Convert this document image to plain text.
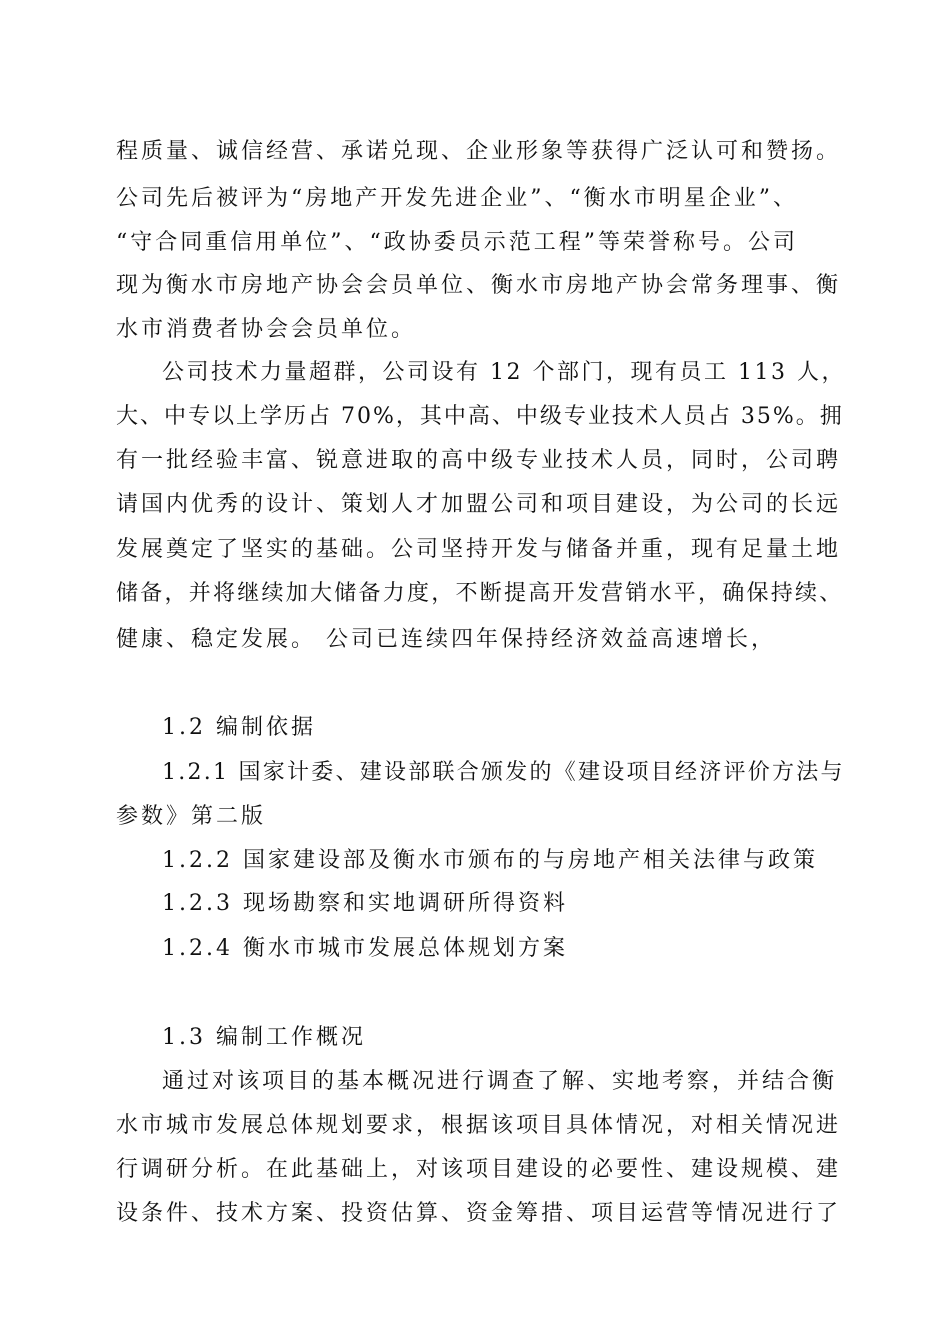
程质量、诚信经营、承诺兑现、企业形象等获得广泛认可和赞扬。
公司先后被评为“房地产开发先进企业”、“衡水市明星企业”、
“守合同重信用单位”、“政协委员示范工程”等荣誉称号。公司
现为衡水市房地产协会会员单位、衡水市房地产协会常务理事、衡
水市消费者协会会员单位。
公司技术力量超群，公司设有 12 个部门，现有员工 113 人，
大、中专以上学历占 70%，其中高、中级专业技术人员占 35%。拥
有一批经验丰富、锐意进取的高中级专业技术人员，同时，公司聘
请国内优秀的设计、策划人才加盟公司和项目建设，为公司的长远
发展奠定了坚实的基础。公司坚持开发与储备并重，现有足量土地
储备，并将继续加大储备力度，不断提高开发营销水平，确保持续、
健康、稳定发展。 公司已连续四年保持经济效益高速增长，
1.2 编制依据
1.2.1 国家计委、建设部联合颁发的《建设项目经济评价方法与
参数》第二版
1.2.2 国家建设部及衡水市颁布的与房地产相关法律与政策
1.2.3 现场勘察和实地调研所得资料
1.2.4 衡水市城市发展总体规划方案
1.3 编制工作概况
通过对该项目的基本概况进行调查了解、实地考察，并结合衡
水市城市发展总体规划要求，根据该项目具体情况，对相关情况进
行调研分析。在此基础上，对该项目建设的必要性、建设规模、建
设条件、技术方案、投资估算、资金筹措、项目运营等情况进行了
